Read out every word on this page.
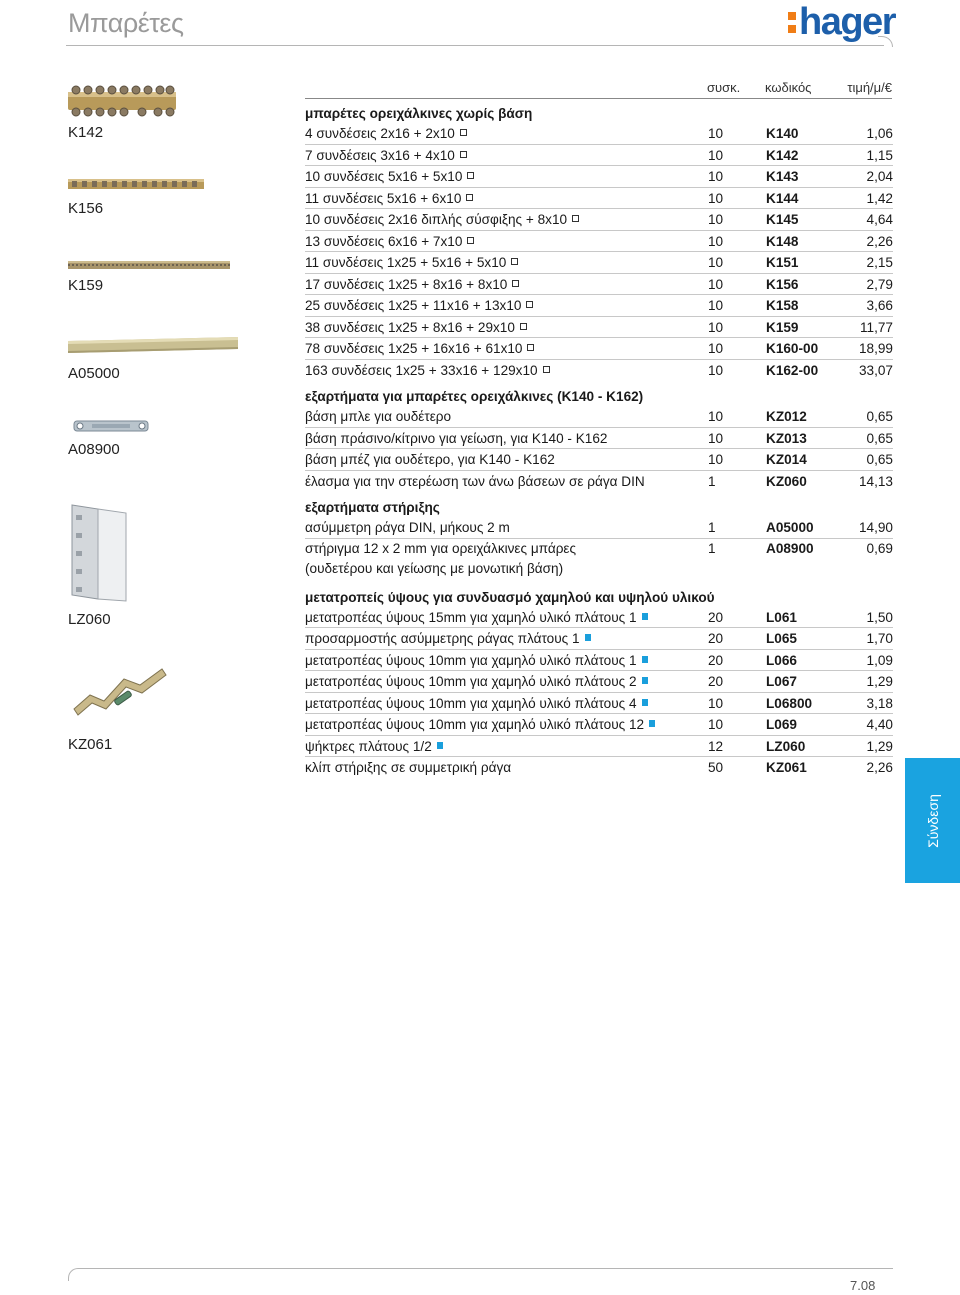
Μπαρέτες	hager
K142
K156
K159
A05000
A08900
LZ060
KZ061
συσκ. κωδικός	τιμή/μ/€
μπαρέτες ορειχάλκινες χωρίς βάση
4 συνδέσεις 2x16 + 2x10	10	K140	1,06
7 συνδέσεις 3x16 + 4x10	10	K142	1,15
10 συνδέσεις 5x16 + 5x10	10	K143	2,04
11 συνδέσεις 5x16 + 6x10	10	K144	1,42
10 συνδέσεις 2x16 διπλής σύσφιξης + 8x10	10	K145	4,64
13 συνδέσεις 6x16 + 7x10	10	K148	2,26
11 συνδέσεις 1x25 + 5x16 + 5x10	10	K151	2,15
17 συνδέσεις 1x25 + 8x16 + 8x10	10	K156	2,79
25 συνδέσεις 1x25 + 11x16 + 13x10	10	K158	3,66
38 συνδέσεις 1x25 + 8x16 + 29x10	10	K159	11,77
78 συνδέσεις 1x25 + 16x16 + 61x10	10	K160-00	18,99
163 συνδέσεις 1x25 + 33x16 + 129x10	10	K162-00	33,07
εξαρτήματα για μπαρέτες ορειχάλκινες (K140 - K162)
βάση μπλε για ουδέτερο	10	KZ012	0,65
βάση πράσινο/κίτρινο για γείωση, για K140 - K162	10	KZ013	0,65
βάση μπέζ για ουδέτερο, για K140 - K162	10	KZ014	0,65
έλασμα για την στερέωση των άνω βάσεων σε ράγα DIN	1	KZ060	14,13
εξαρτήματα στήριξης
ασύμμετρη ράγα DIN, μήκους 2 m	1	A05000	14,90
στήριγμα 12 x 2 mm για ορειχάλκινες μπάρες
(ουδετέρου και γείωσης με μονωτική βάση)
1	A08900	0,69
μετατροπείς ύψους για συνδυασμό χαμηλού και υψηλού υλικού
μετατροπέας ύψους 15mm για χαμηλό υλικό πλάτους 1	20	L061	1,50
προσαρμοστής ασύμμετρης ράγας πλάτους 1	20	L065	1,70
μετατροπέας ύψους 10mm για χαμηλό υλικό πλάτους 1	20	L066	1,09
μετατροπέας ύψους 10mm για χαμηλό υλικό πλάτους 2	20	L067	1,29
μετατροπέας ύψους 10mm για χαμηλό υλικό πλάτους 4	10	L06800	3,18
μετατροπέας ύψους 10mm για χαμηλό υλικό πλάτους 12	10	L069	4,40
ψήκτρες πλάτους 1/2	12	LZ060	1,29
κλίπ στήριξης σε συμμετρική ράγα	50	KZ061	2,26
Σύνδεση
7.08
